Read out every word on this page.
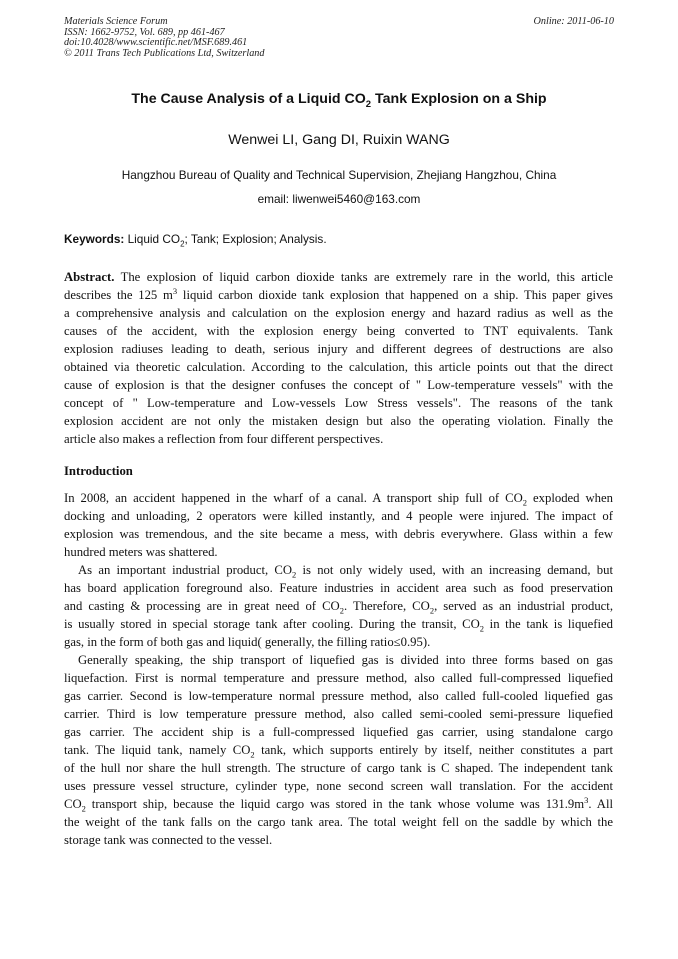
Materials Science Forum
ISSN: 1662-9752, Vol. 689, pp 461-467
doi:10.4028/www.scientific.net/MSF.689.461
© 2011 Trans Tech Publications Ltd, Switzerland
Online: 2011-06-10
The Cause Analysis of a Liquid $CO_2$ Tank Explosion on a Ship
Wenwei LI, Gang DI, Ruixin WANG
Hangzhou Bureau of Quality and Technical Supervision, Zhejiang Hangzhou, China
email: liwenwei5460@163.com
Keywords: Liquid $CO_2$; Tank; Explosion; Analysis.
Abstract. The explosion of liquid carbon dioxide tanks are extremely rare in the world, this article
describes the 125 $m^3$ liquid carbon dioxide tank explosion that happened on a ship. This paper gives
a comprehensive analysis and calculation on the explosion energy and hazard radius as well as the
causes of the accident, with the explosion energy being converted to TNT equivalents. Tank
explosion radiuses leading to death, serious injury and different degrees of destructions are also
obtained via theoretic calculation. According to the calculation, this article points out that the direct
cause of explosion is that the designer confuses the concept of " Low-temperature vessels" with the
concept of " Low-temperature and Low-vessels Low Stress vessels". The reasons of the tank
explosion accident are not only the mistaken design but also the operating violation. Finally the
article also makes a reflection from four different perspectives.
Introduction
In 2008, an accident happened in the wharf of a canal. A transport ship full of $CO_2$ exploded when
docking and unloading, 2 operators were killed instantly, and 4 people were injured. The impact of
explosion was tremendous, and the site became a mess, with debris everywhere. Glass within a few
hundred meters was shattered.
As an important industrial product, $CO_2$ is not only widely used, with an increasing demand, but
has board application foreground also. Feature industries in accident area such as food preservation
and casting & processing are in great need of $CO_2$. Therefore, $CO_2$, served as an industrial product,
is usually stored in special storage tank after cooling. During the transit, $CO_2$ in the tank is liquefied
gas, in the form of both gas and liquid( generally, the filling ratio≤0.95).
Generally speaking, the ship transport of liquefied gas is divided into three forms based on gas
liquefaction. First is normal temperature and pressure method, also called full-compressed liquefied
gas carrier. Second is low-temperature normal pressure method, also called full-cooled liquefied gas
carrier. Third is low temperature pressure method, also called semi-cooled semi-pressure liquefied
gas carrier. The accident ship is a full-compressed liquefied gas carrier, using standalone cargo
tank. The liquid tank, namely $CO_2$ tank, which supports entirely by itself, neither constitutes a part
of the hull nor share the hull strength. The structure of cargo tank is C shaped. The independent tank
uses pressure vessel structure, cylinder type, none second screen wall translation. For the accident
$CO_2$ transport ship, because the liquid cargo was stored in the tank whose volume was $131.9m^3$. All
the weight of the tank falls on the cargo tank area. The total weight fell on the saddle by which the
storage tank was connected to the vessel.
